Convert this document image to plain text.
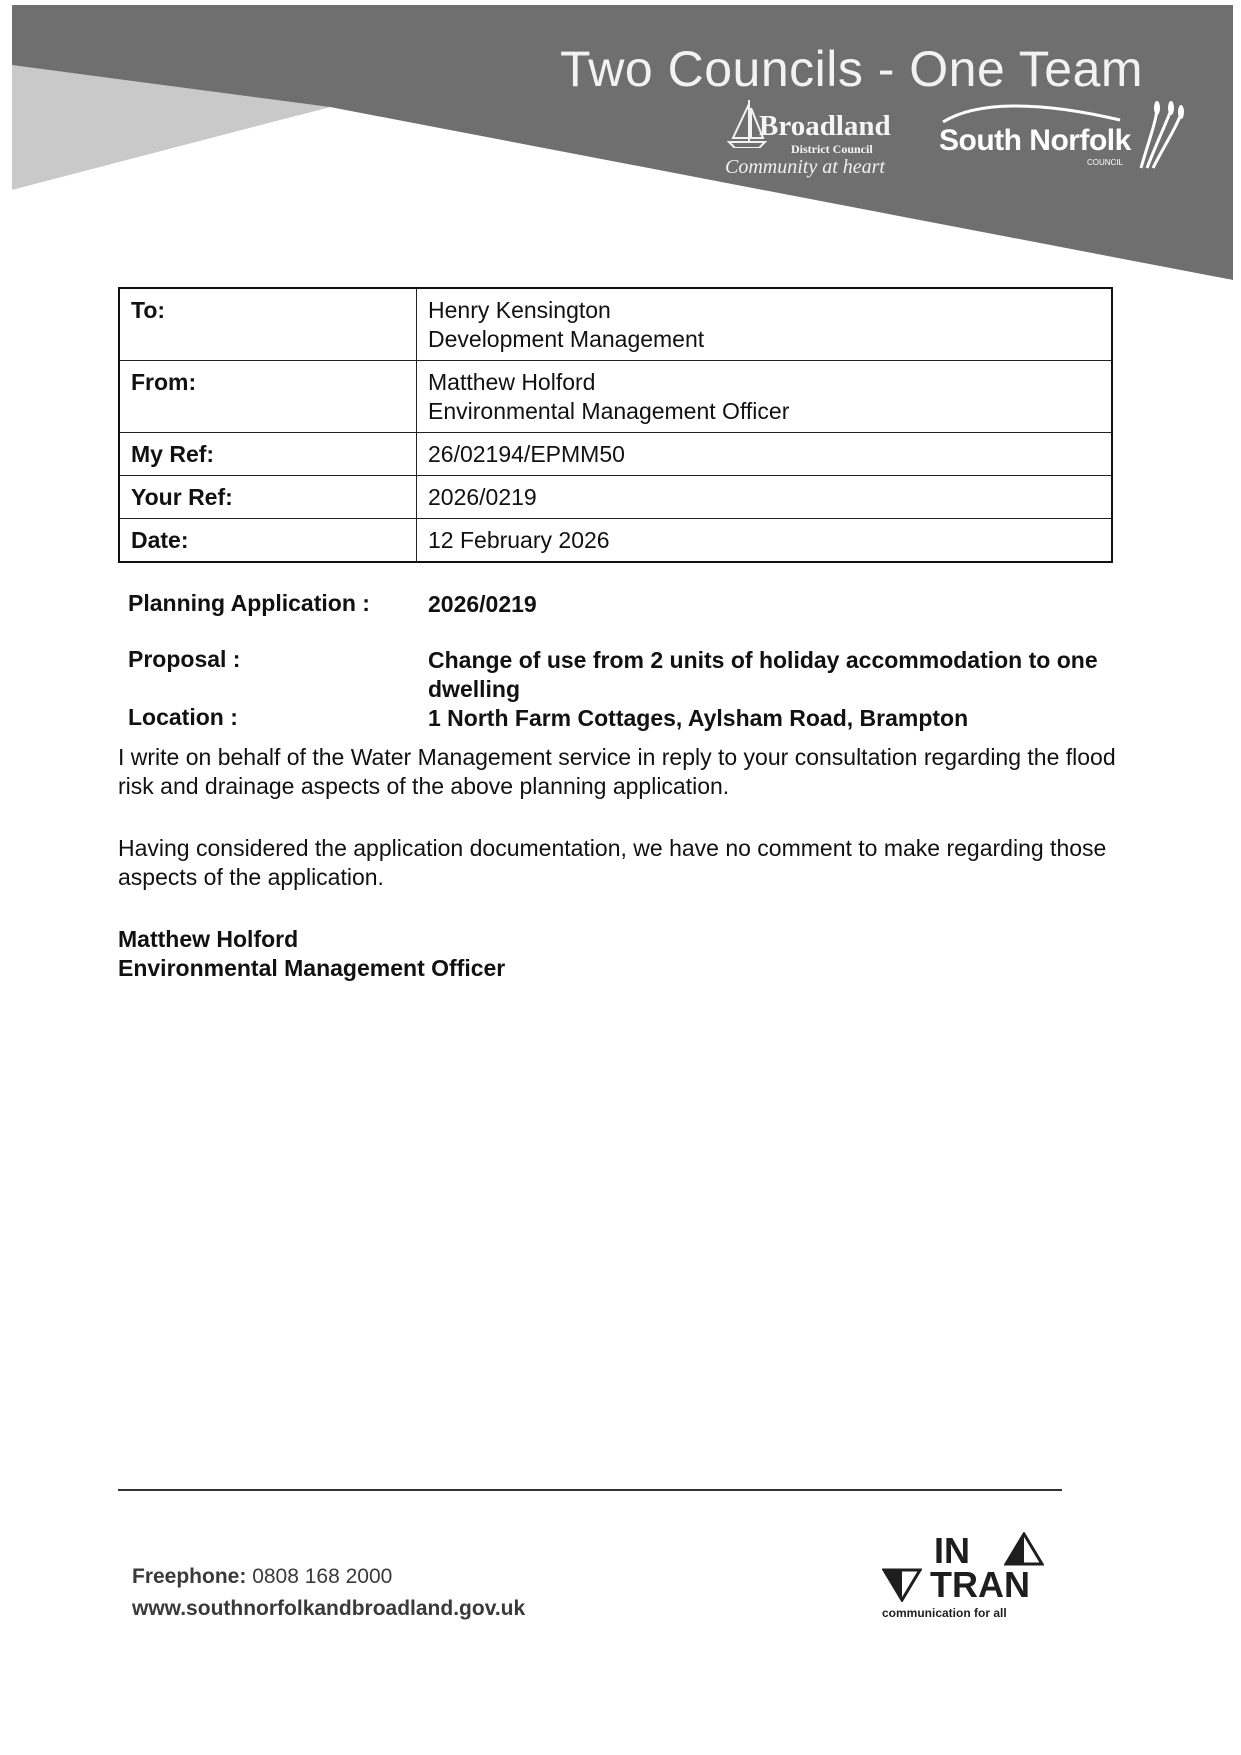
Two Councils - One Team
Broadland
District Council
Community at heart
South Norfolk
COUNCIL
To:	Henry Kensington
Development Management

From:	Matthew Holford
Environmental Management Officer

My Ref:	26/02194/EPMM50
Your Ref:	2026/0219
Date:	12 February 2026
Planning Application :	2026/0219
Proposal :	Change of use from 2 units of holiday accommodation to one dwelling
Location :	1 North Farm Cottages, Aylsham Road, Brampton

I write on behalf of the Water Management service in reply to your consultation regarding the flood risk and drainage aspects of the above planning application.

Having considered the application documentation, we have no comment to make regarding those aspects of the application.

Matthew Holford
Environmental Management Officer
Freephone: 0808 168 2000
www.southnorfolkandbroadland.gov.uk
IN
TRAN
communication for all
